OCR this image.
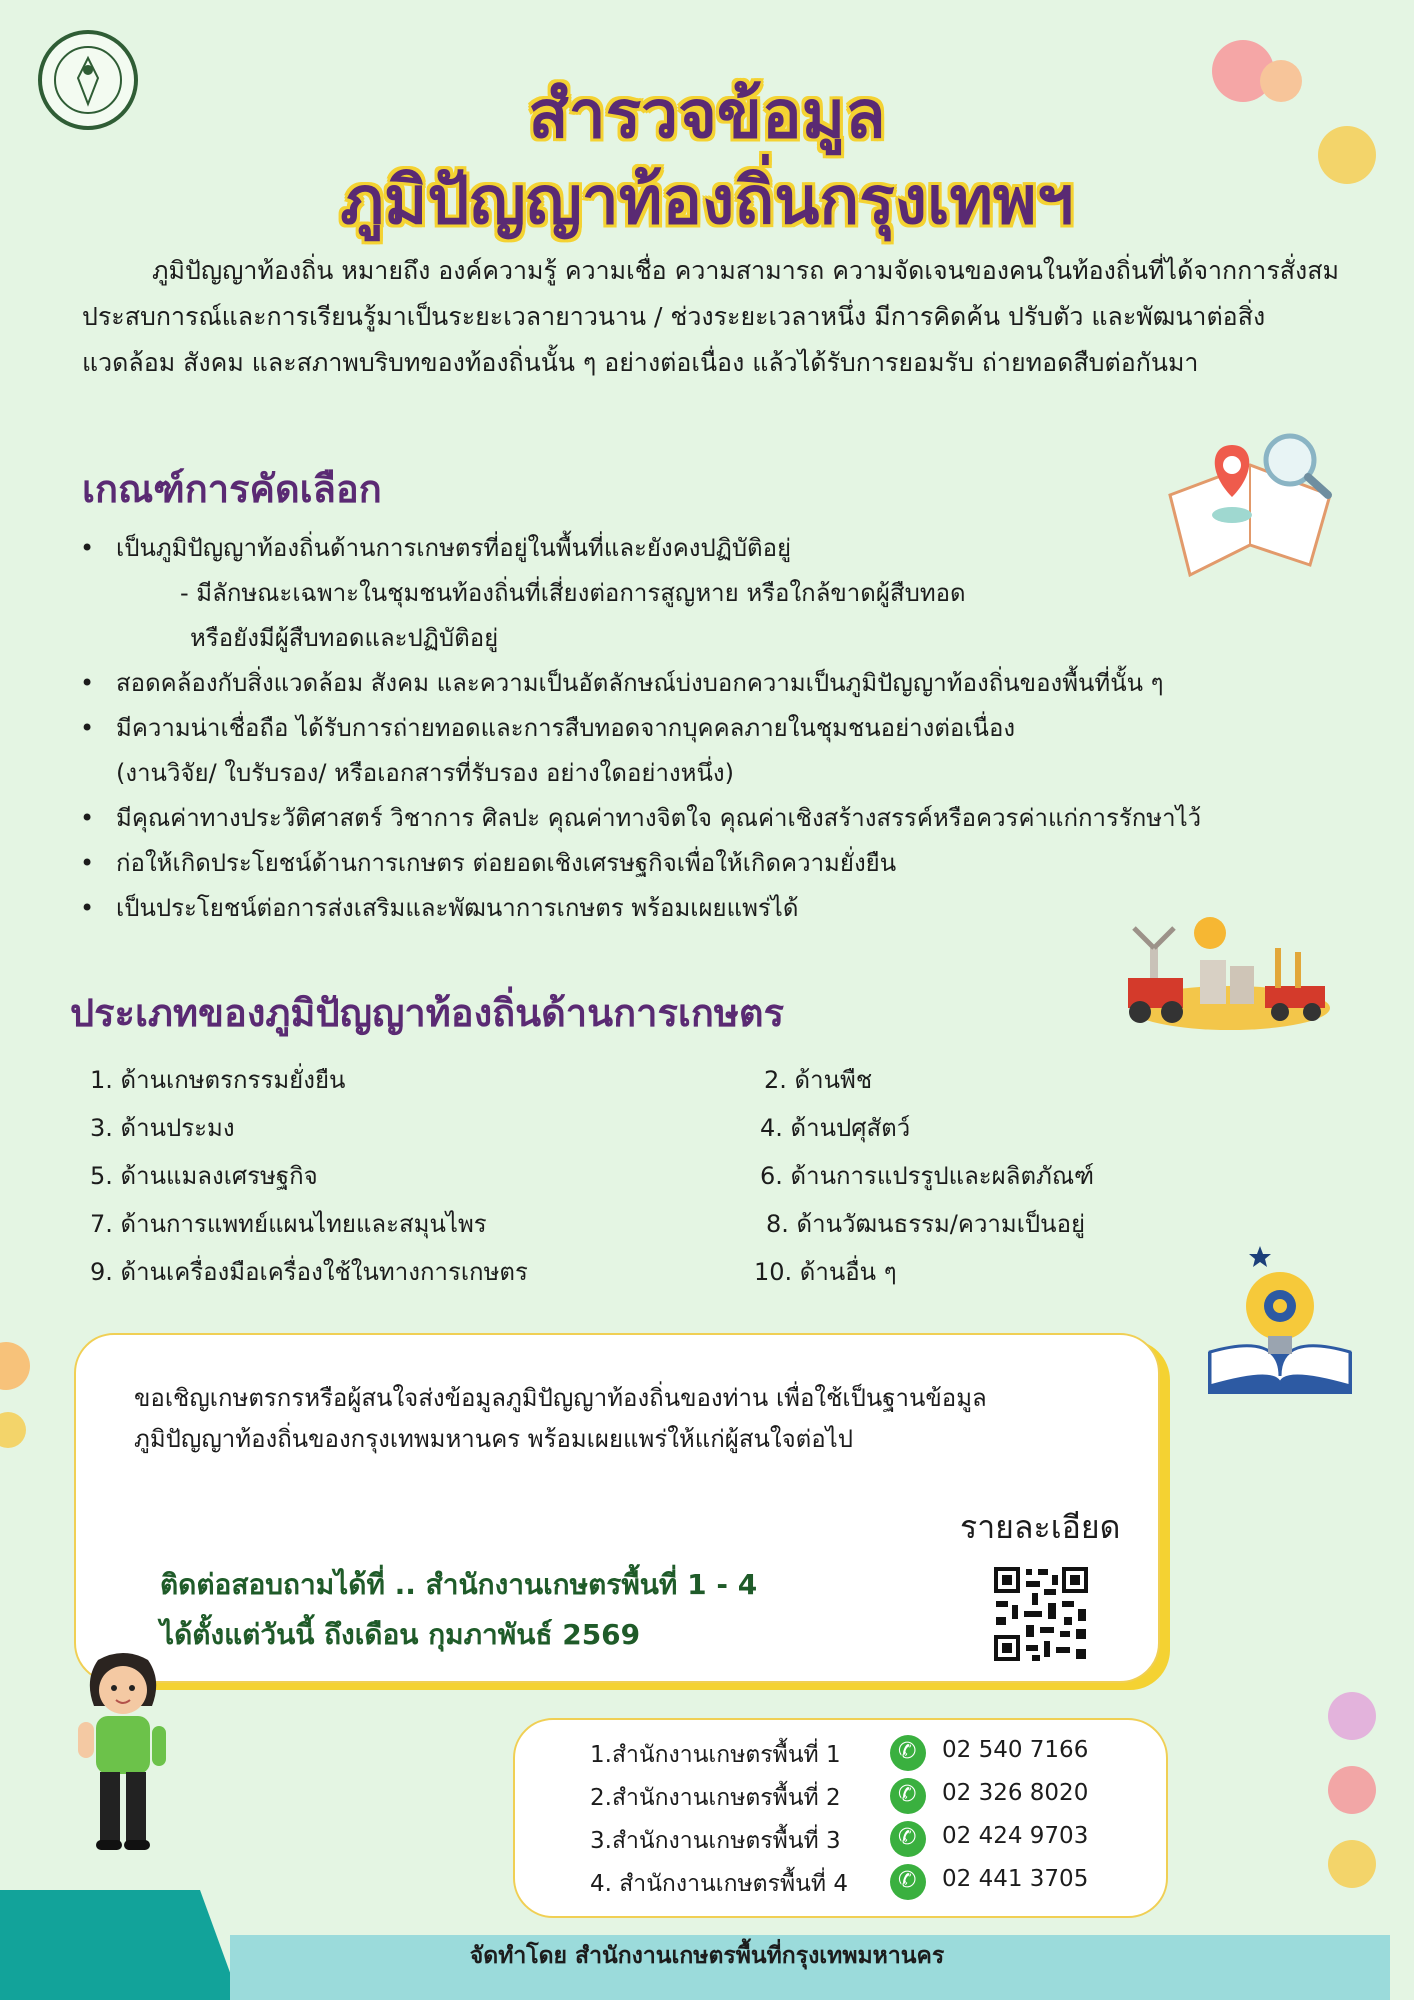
สำรวจข้อมูล
ภูมิปัญญาท้องถิ่นกรุงเทพฯ

ภูมิปัญญาท้องถิ่น หมายถึง องค์ความรู้ ความเชื่อ ความสามารถ ความจัดเจนของคนในท้องถิ่นที่ได้จากการสั่งสมประสบการณ์และการเรียนรู้มาเป็นระยะเวลายาวนาน / ช่วงระยะเวลาหนึ่ง มีการคิดค้น ปรับตัว และพัฒนาต่อสิ่งแวดล้อม สังคม และสภาพบริบทของท้องถิ่นนั้น ๆ อย่างต่อเนื่อง แล้วได้รับการยอมรับ ถ่ายทอดสืบต่อกันมา

เกณฑ์การคัดเลือก
• เป็นภูมิปัญญาท้องถิ่นด้านการเกษตรที่อยู่ในพื้นที่และยังคงปฏิบัติอยู่
- มีลักษณะเฉพาะในชุมชนท้องถิ่นที่เสี่ยงต่อการสูญหาย หรือใกล้ขาดผู้สืบทอด
หรือยังมีผู้สืบทอดและปฏิบัติอยู่
• สอดคล้องกับสิ่งแวดล้อม สังคม และความเป็นอัตลักษณ์บ่งบอกความเป็นภูมิปัญญาท้องถิ่นของพื้นที่นั้น ๆ
• มีความน่าเชื่อถือ ได้รับการถ่ายทอดและการสืบทอดจากบุคคลภายในชุมชนอย่างต่อเนื่อง
(งานวิจัย/ ใบรับรอง/ หรือเอกสารที่รับรอง อย่างใดอย่างหนึ่ง)
• มีคุณค่าทางประวัติศาสตร์ วิชาการ ศิลปะ คุณค่าทางจิตใจ คุณค่าเชิงสร้างสรรค์หรือควรค่าแก่การรักษาไว้
• ก่อให้เกิดประโยชน์ด้านการเกษตร ต่อยอดเชิงเศรษฐกิจเพื่อให้เกิดความยั่งยืน
• เป็นประโยชน์ต่อการส่งเสริมและพัฒนาการเกษตร พร้อมเผยแพร่ได้
ประเภทของภูมิปัญญาท้องถิ่นด้านการเกษตร
1. ด้านเกษตรกรรมยั่งยืน	2. ด้านพืช
3. ด้านประมง	4. ด้านปศุสัตว์
5. ด้านแมลงเศรษฐกิจ	6. ด้านการแปรรูปและผลิตภัณฑ์
7. ด้านการแพทย์แผนไทยและสมุนไพร	8. ด้านวัฒนธรรม/ความเป็นอยู่
9. ด้านเครื่องมือเครื่องใช้ในทางการเกษตร	10. ด้านอื่น ๆ
ขอเชิญเกษตรกรหรือผู้สนใจส่งข้อมูลภูมิปัญญาท้องถิ่นของท่าน เพื่อใช้เป็นฐานข้อมูลภูมิปัญญาท้องถิ่นของกรุงเทพมหานคร พร้อมเผยแพร่ให้แก่ผู้สนใจต่อไป
รายละเอียด
ติดต่อสอบถามได้ที่ .. สำนักงานเกษตรพื้นที่ 1 - 4
ได้ตั้งแต่วันนี้ ถึงเดือน กุมภาพันธ์ 2569
1.สำนักงานเกษตรพื้นที่ 1 ✆	02 540 7166
2.สำนักงานเกษตรพื้นที่ 2 ✆	02 326 8020
3.สำนักงานเกษตรพื้นที่ 3 ✆	02 424 9703
4. สำนักงานเกษตรพื้นที่ 4 ✆	02 441 3705
จัดทำโดย สำนักงานเกษตรพื้นที่กรุงเทพมหานคร
